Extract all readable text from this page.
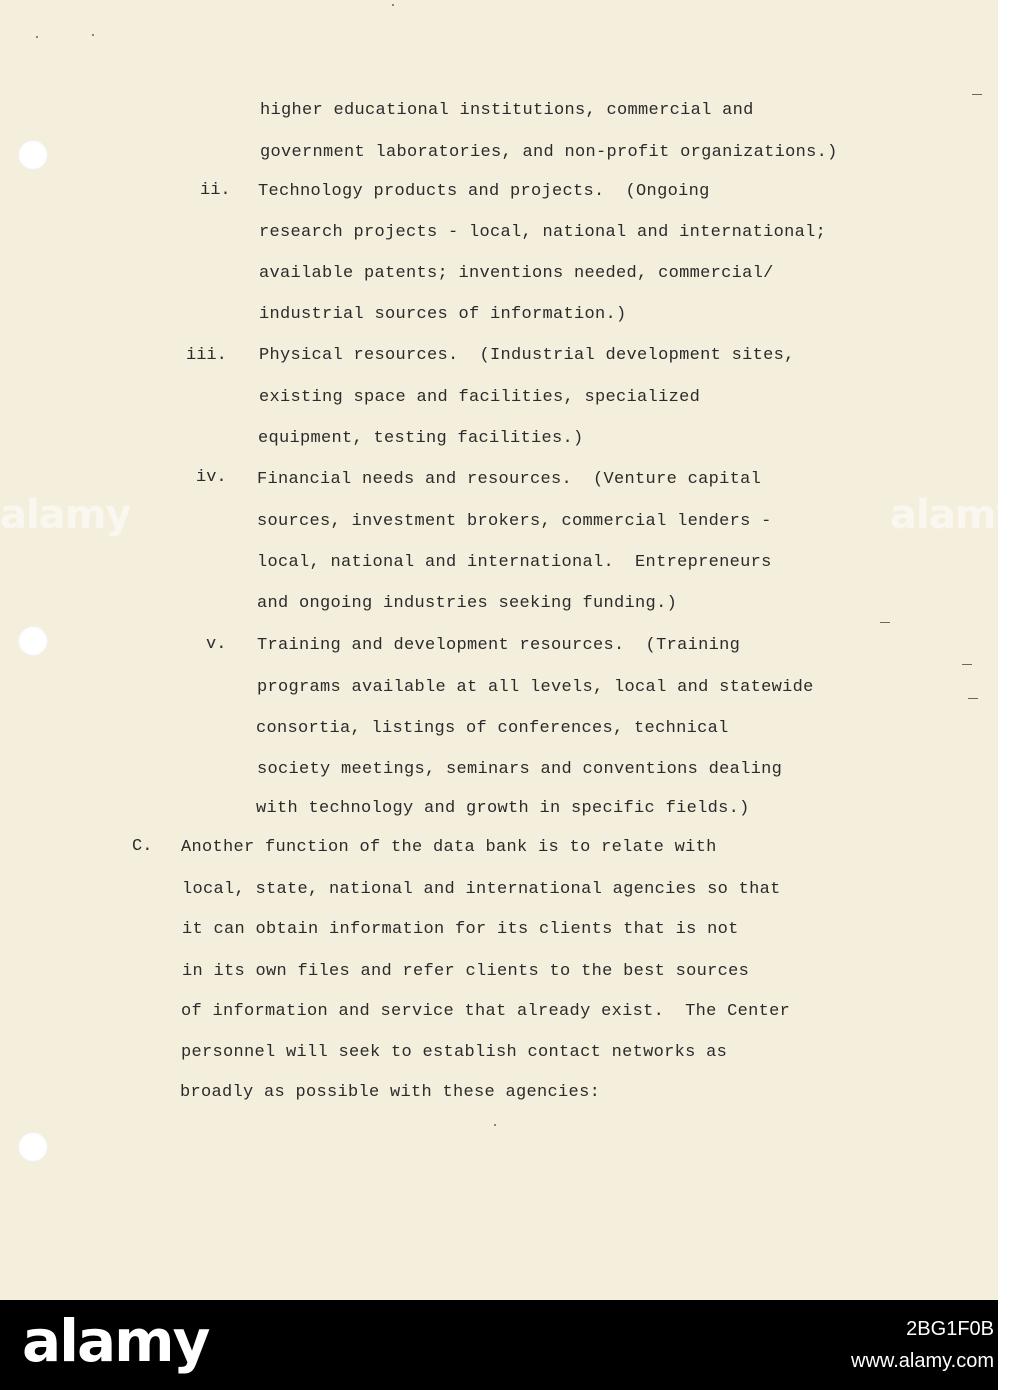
alamy	alamy
higher educational institutions, commercial and
government laboratories, and non-profit organizations.)
ii. Technology products and projects.  (Ongoing
research projects - local, national and international;
available patents; inventions needed, commercial/
industrial sources of information.)
iii. Physical resources.  (Industrial development sites,
existing space and facilities, specialized
equipment, testing facilities.)
iv. Financial needs and resources.  (Venture capital
sources, investment brokers, commercial lenders -
local, national and international.  Entrepreneurs
and ongoing industries seeking funding.)
v. Training and development resources.  (Training
programs available at all levels, local and statewide
consortia, listings of conferences, technical
society meetings, seminars and conventions dealing
with technology and growth in specific fields.)
C. Another function of the data bank is to relate with
local, state, national and international agencies so that
it can obtain information for its clients that is not
in its own files and refer clients to the best sources
of information and service that already exist.  The Center
personnel will seek to establish contact networks as
broadly as possible with these agencies:
alamy	2BG1F0B
www.alamy.com
